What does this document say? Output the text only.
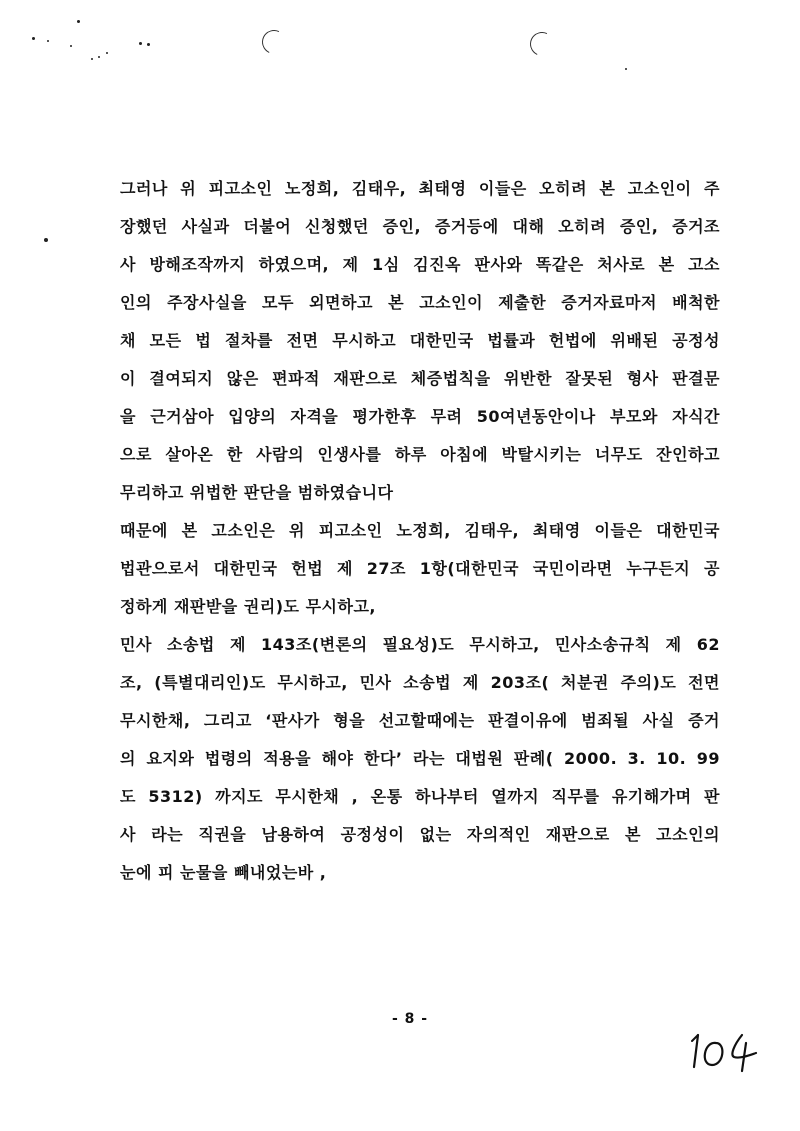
그러나 위 피고소인 노정희, 김태우, 최태영 이들은 오히려 본 고소인이 주
장했던 사실과 더불어 신청했던 증인, 증거등에 대해 오히려 증인, 증거조
사 방해조작까지 하였으며, 제 1심 김진옥 판사와 똑같은 처사로 본 고소
인의 주장사실을 모두 외면하고 본 고소인이 제출한 증거자료마저 배척한
채 모든 법 절차를 전면 무시하고 대한민국 법률과 헌법에 위배된 공정성
이 결여되지 않은 편파적 재판으로 체증법칙을 위반한 잘못된 형사 판결문
을 근거삼아 입양의 자격을 평가한후 무려 50여년동안이나 부모와 자식간
으로 살아온 한 사람의 인생사를 하루 아침에 박탈시키는 너무도 잔인하고
무리하고 위법한 판단을 범하였습니다
때문에 본 고소인은 위 피고소인 노정희, 김태우, 최태영 이들은 대한민국
법관으로서 대한민국 헌법 제 27조 1항(대한민국 국민이라면 누구든지 공
정하게 재판받을 권리)도 무시하고,
민사 소송법 제 143조(변론의 필요성)도 무시하고, 민사소송규칙 제 62
조, (특별대리인)도 무시하고, 민사 소송법 제 203조( 처분권 주의)도 전면
무시한채, 그리고 ‘판사가 형을 선고할때에는 판결이유에 범죄될 사실 증거
의 요지와 법령의 적용을 해야 한다’ 라는 대법원 판례( 2000. 3. 10. 99
도 5312) 까지도 무시한채 , 온통 하나부터 열까지 직무를 유기해가며 판
사 라는 직권을 남용하여 공정성이 없는 자의적인 재판으로 본 고소인의
눈에 피 눈물을 빼내었는바 ,
- 8 -
